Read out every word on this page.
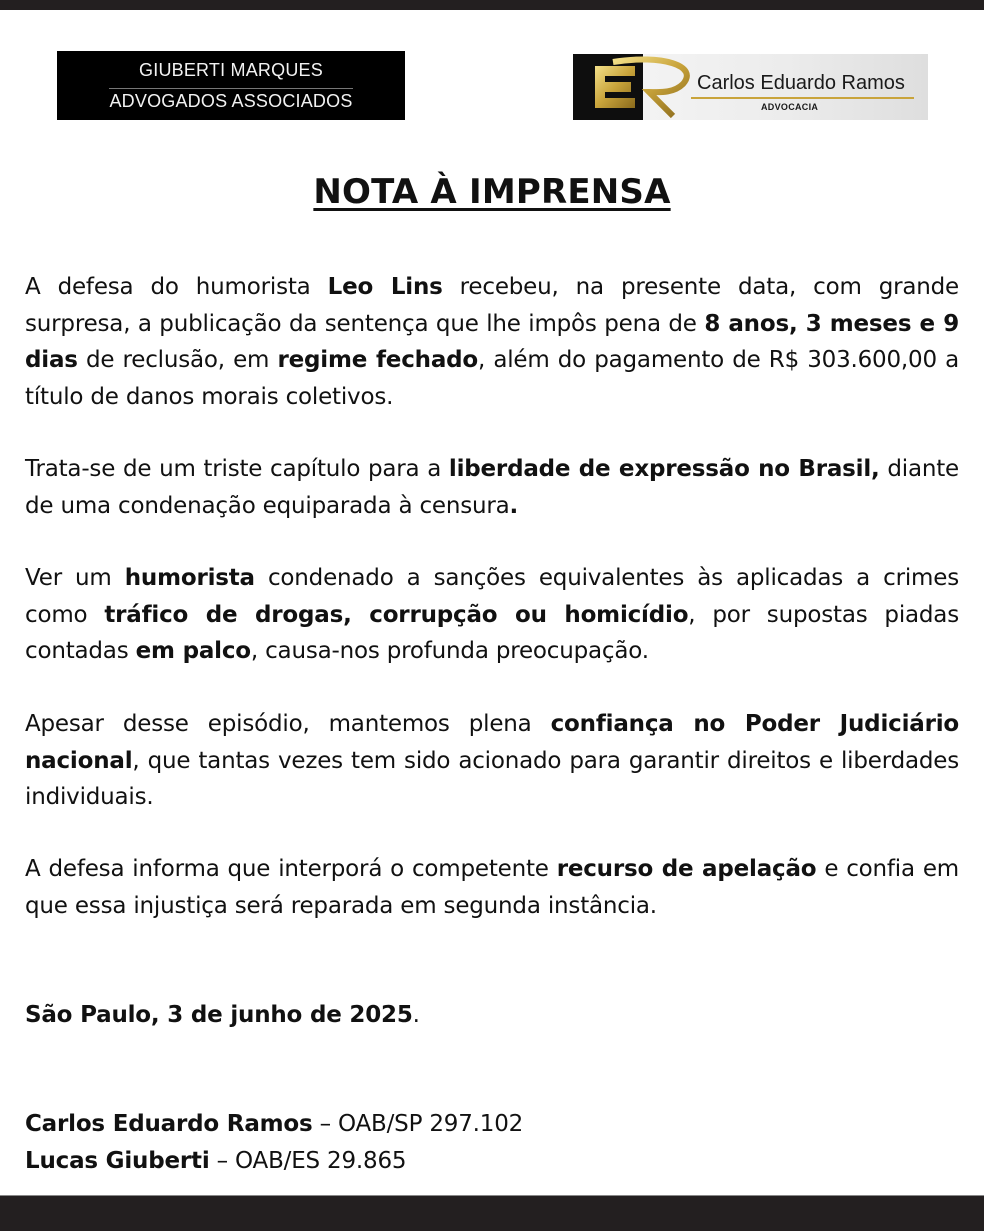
GIUBERTI MARQUES
ADVOGADOS ASSOCIADOS
Carlos Eduardo Ramos
ADVOCACIA
NOTA À IMPRENSA
A defesa do humorista Leo Lins recebeu, na presente data, com grande surpresa, a publicação da sentença que lhe impôs pena de 8 anos, 3 meses e 9 dias de reclusão, em regime fechado, além do pagamento de R$ 303.600,00 a título de danos morais coletivos.
Trata-se de um triste capítulo para a liberdade de expressão no Brasil, diante de uma condenação equiparada à censura.
Ver um humorista condenado a sanções equivalentes às aplicadas a crimes como tráfico de drogas, corrupção ou homicídio, por supostas piadas contadas em palco, causa-nos profunda preocupação.
Apesar desse episódio, mantemos plena confiança no Poder Judiciário nacional, que tantas vezes tem sido acionado para garantir direitos e liberdades individuais.
A defesa informa que interporá o competente recurso de apelação e confia em que essa injustiça será reparada em segunda instância.
São Paulo, 3 de junho de 2025.
Carlos Eduardo Ramos – OAB/SP 297.102
Lucas Giuberti – OAB/ES 29.865
